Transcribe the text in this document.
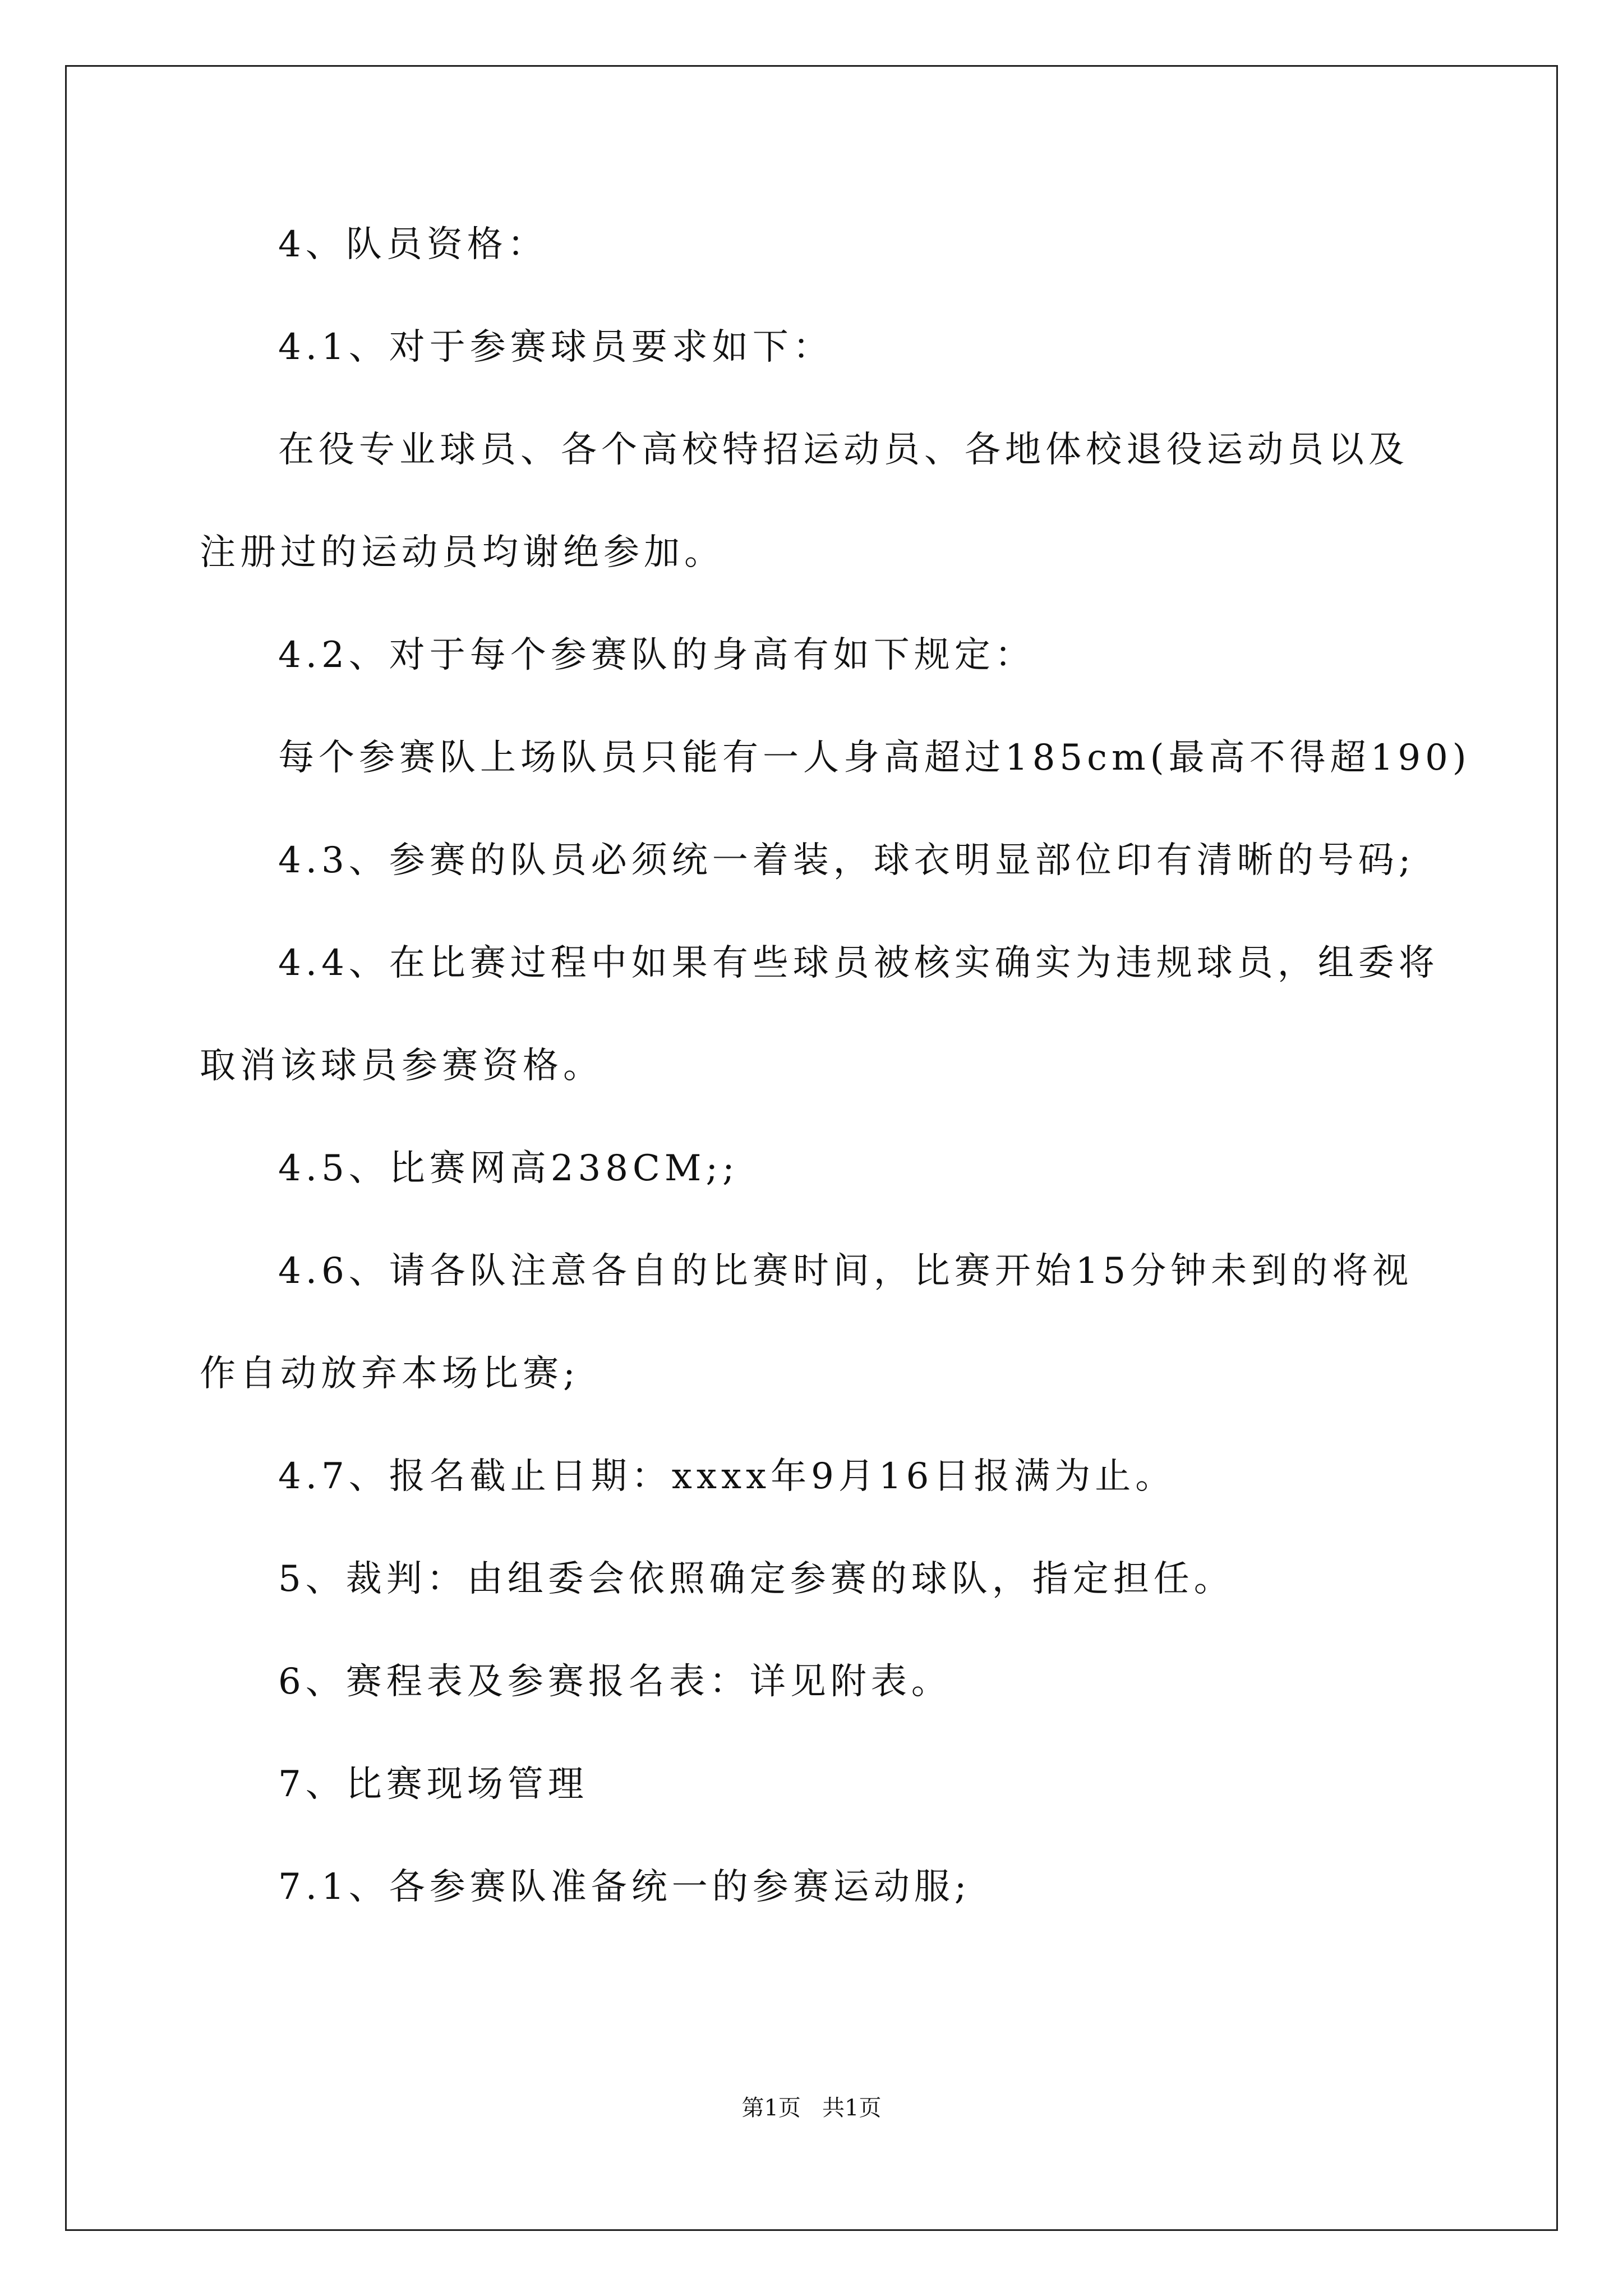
4、队员资格：
4.1、对于参赛球员要求如下：
在役专业球员、各个高校特招运动员、各地体校退役运动员以及
注册过的运动员均谢绝参加。
4.2、对于每个参赛队的身高有如下规定：
每个参赛队上场队员只能有一人身高超过185cm(最高不得超190)
4.3、参赛的队员必须统一着装，球衣明显部位印有清晰的号码;
4.4、在比赛过程中如果有些球员被核实确实为违规球员，组委将
取消该球员参赛资格。
4.5、比赛网高238CM;;
4.6、请各队注意各自的比赛时间，比赛开始15分钟未到的将视
作自动放弃本场比赛;
4.7、报名截止日期：xxxx年9月16日报满为止。
5、裁判：由组委会依照确定参赛的球队，指定担任。
6、赛程表及参赛报名表：详见附表。
7、比赛现场管理
7.1、各参赛队准备统一的参赛运动服;
第1页   共1页
